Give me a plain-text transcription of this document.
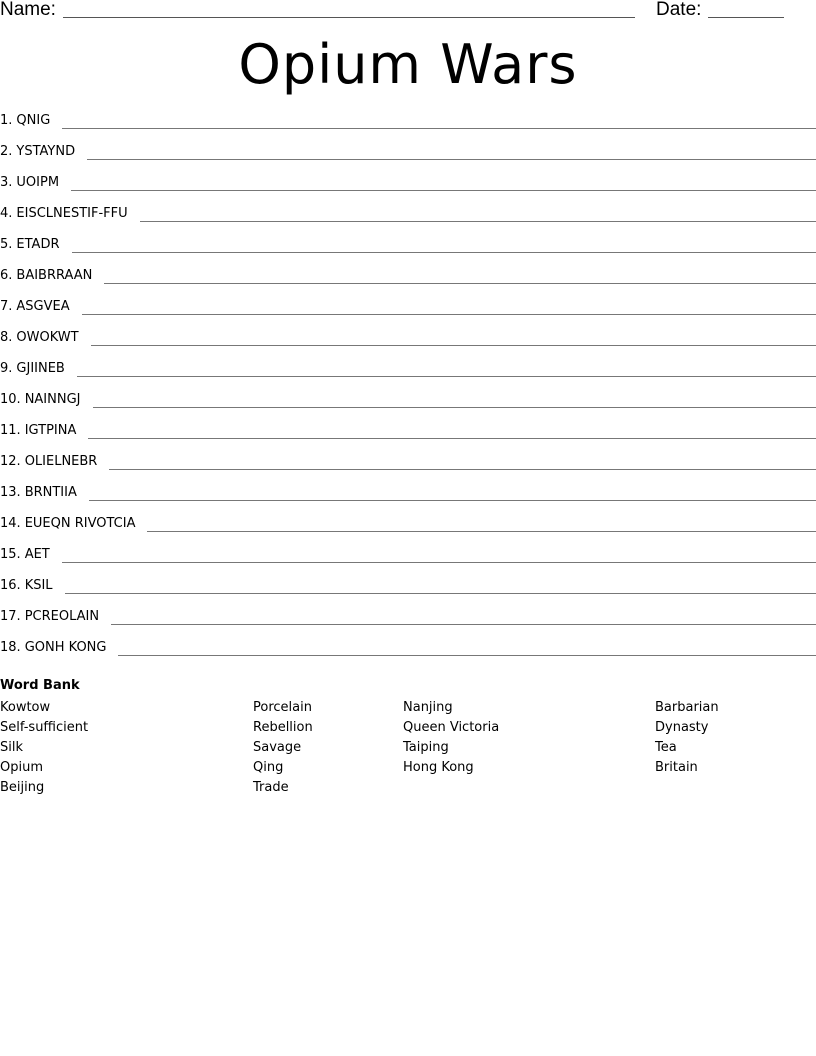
Name:	Date:
Opium Wars
1. QNIG
2. YSTAYND
3. UOIPM
4. EISCLNESTIF-FFU
5. ETADR
6. BAIBRRAAN
7. ASGVEA
8. OWOKWT
9. GJIINEB
10. NAINNGJ
11. IGTPINA
12. OLIELNEBR
13. BRNTIIA
14. EUEQN RIVOTCIA
15. AET
16. KSIL
17. PCREOLAIN
18. GONH KONG
Word Bank
Kowtow
Self-sufficient
Silk
Opium
Beijing
Porcelain
Rebellion
Savage
Qing
Trade
Nanjing
Queen Victoria
Taiping
Hong Kong
Barbarian
Dynasty
Tea
Britain
